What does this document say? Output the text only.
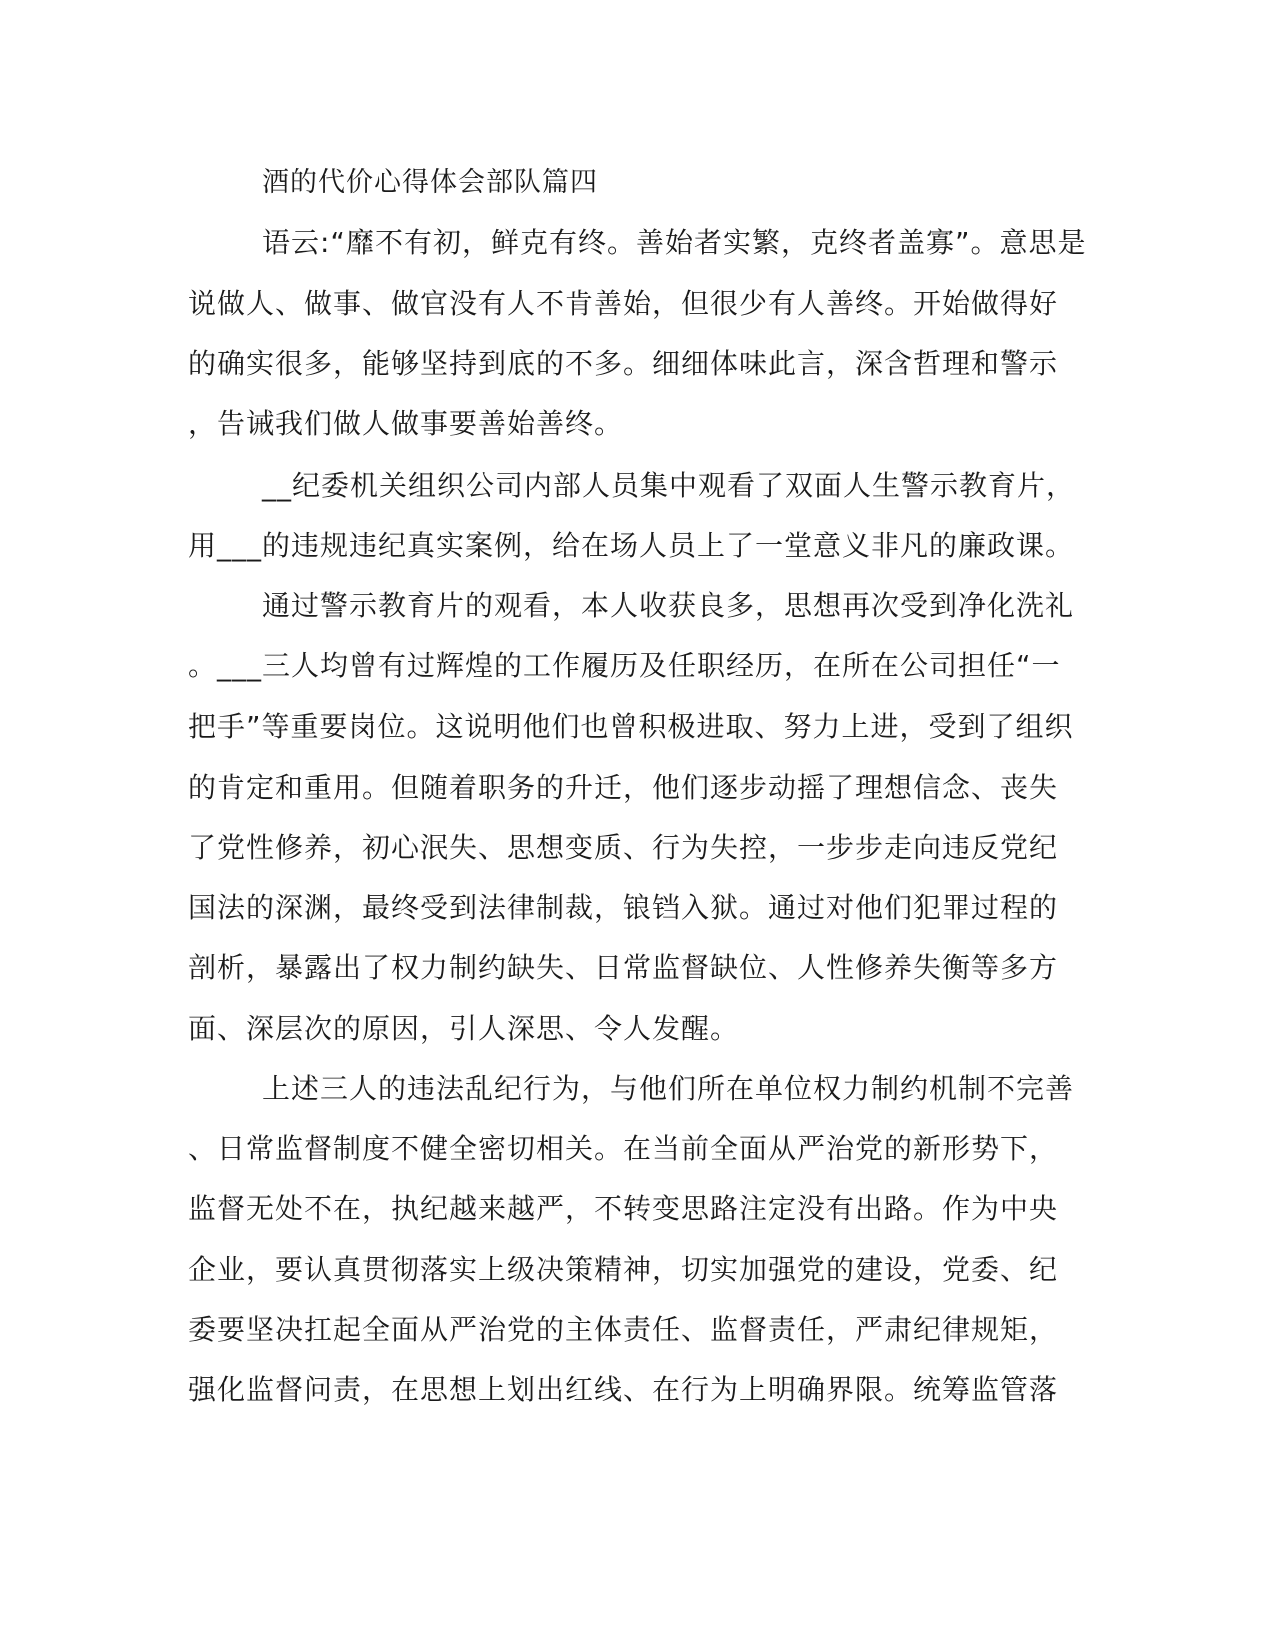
酒的代价心得体会部队篇四
语云:“靡不有初，鲜克有终。善始者实繁，克终者盖寡”。意思是
说做人、做事、做官没有人不肯善始，但很少有人善终。开始做得好
的确实很多，能够坚持到底的不多。细细体味此言，深含哲理和警示
，告诫我们做人做事要善始善终。
__纪委机关组织公司内部人员集中观看了双面人生警示教育片，
用___的违规违纪真实案例，给在场人员上了一堂意义非凡的廉政课。
通过警示教育片的观看，本人收获良多，思想再次受到净化洗礼
。___三人均曾有过辉煌的工作履历及任职经历，在所在公司担任“一
把手”等重要岗位。这说明他们也曾积极进取、努力上进，受到了组织
的肯定和重用。但随着职务的升迁，他们逐步动摇了理想信念、丧失
了党性修养，初心泯失、思想变质、行为失控，一步步走向违反党纪
国法的深渊，最终受到法律制裁，锒铛入狱。通过对他们犯罪过程的
剖析，暴露出了权力制约缺失、日常监督缺位、人性修养失衡等多方
面、深层次的原因，引人深思、令人发醒。
上述三人的违法乱纪行为，与他们所在单位权力制约机制不完善
、日常监督制度不健全密切相关。在当前全面从严治党的新形势下，
监督无处不在，执纪越来越严，不转变思路注定没有出路。作为中央
企业，要认真贯彻落实上级决策精神，切实加强党的建设，党委、纪
委要坚决扛起全面从严治党的主体责任、监督责任，严肃纪律规矩，
强化监督问责，在思想上划出红线、在行为上明确界限。统筹监管落
